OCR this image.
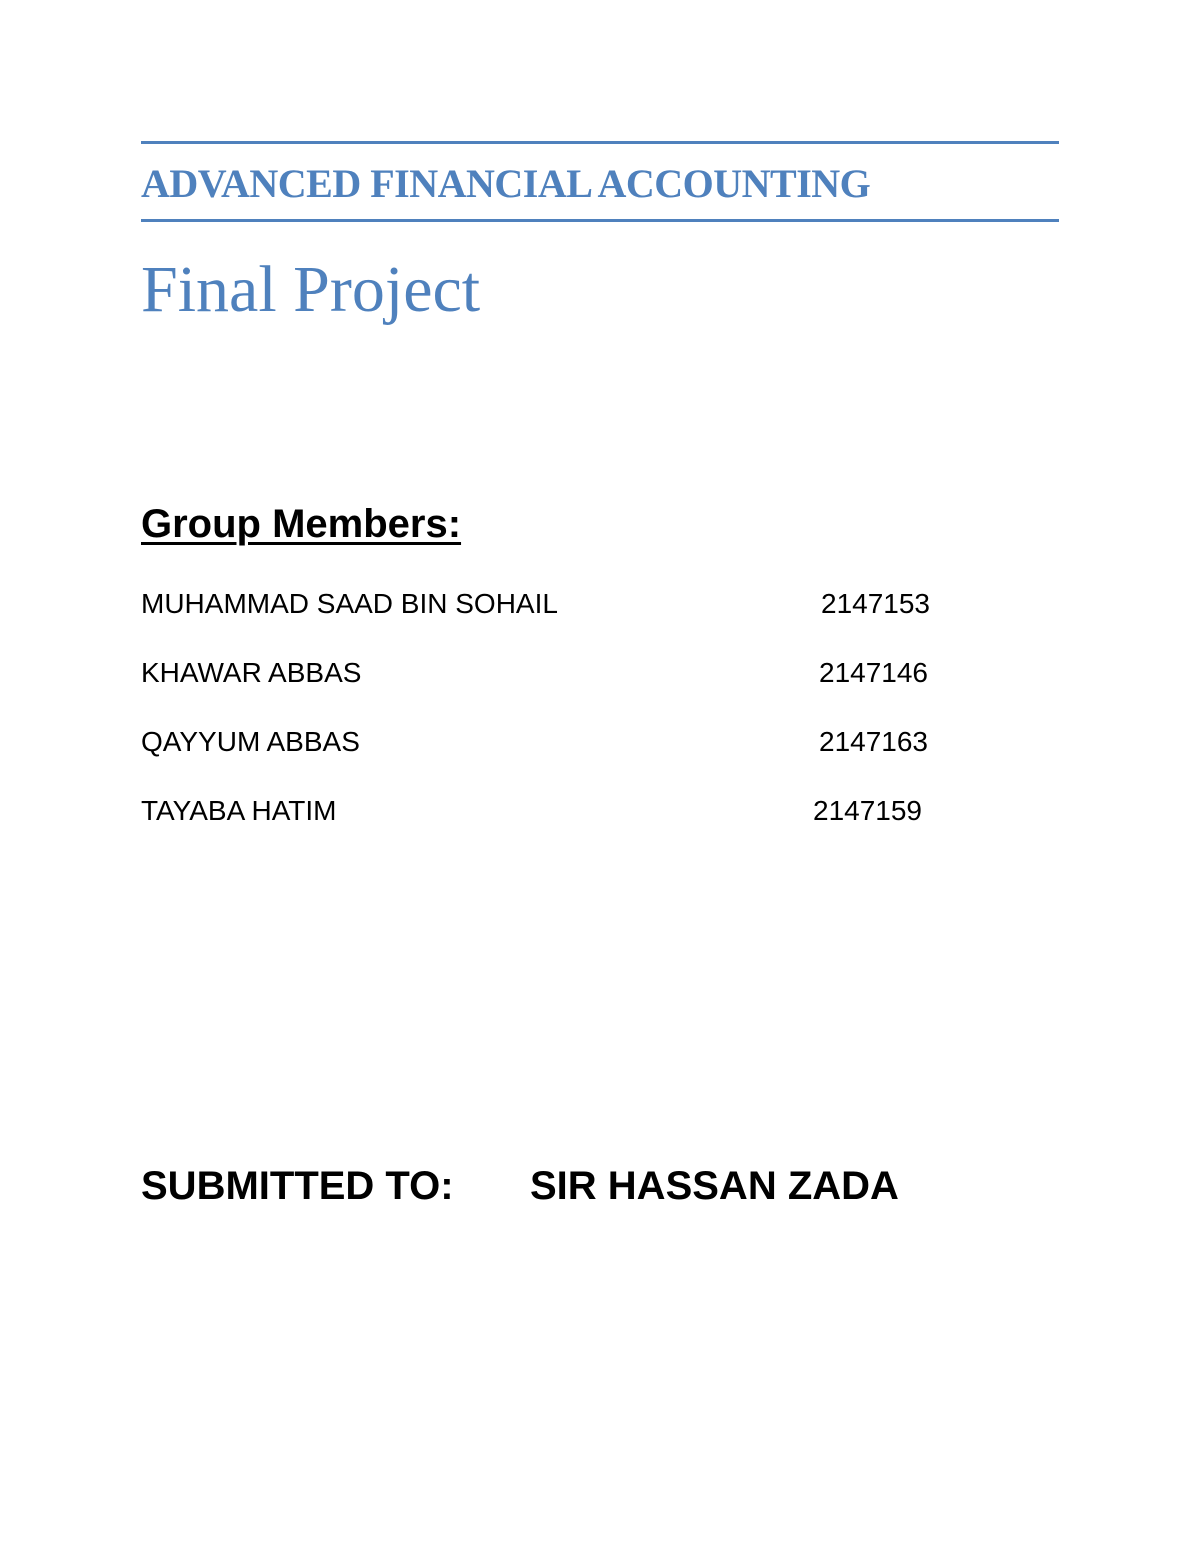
ADVANCED FINANCIAL ACCOUNTING
Final Project
Group Members:
MUHAMMAD SAAD BIN SOHAIL	2147153
KHAWAR ABBAS	2147146
QAYYUM ABBAS	2147163
TAYABA HATIM	2147159
SUBMITTED TO: SIR HASSAN ZADA
